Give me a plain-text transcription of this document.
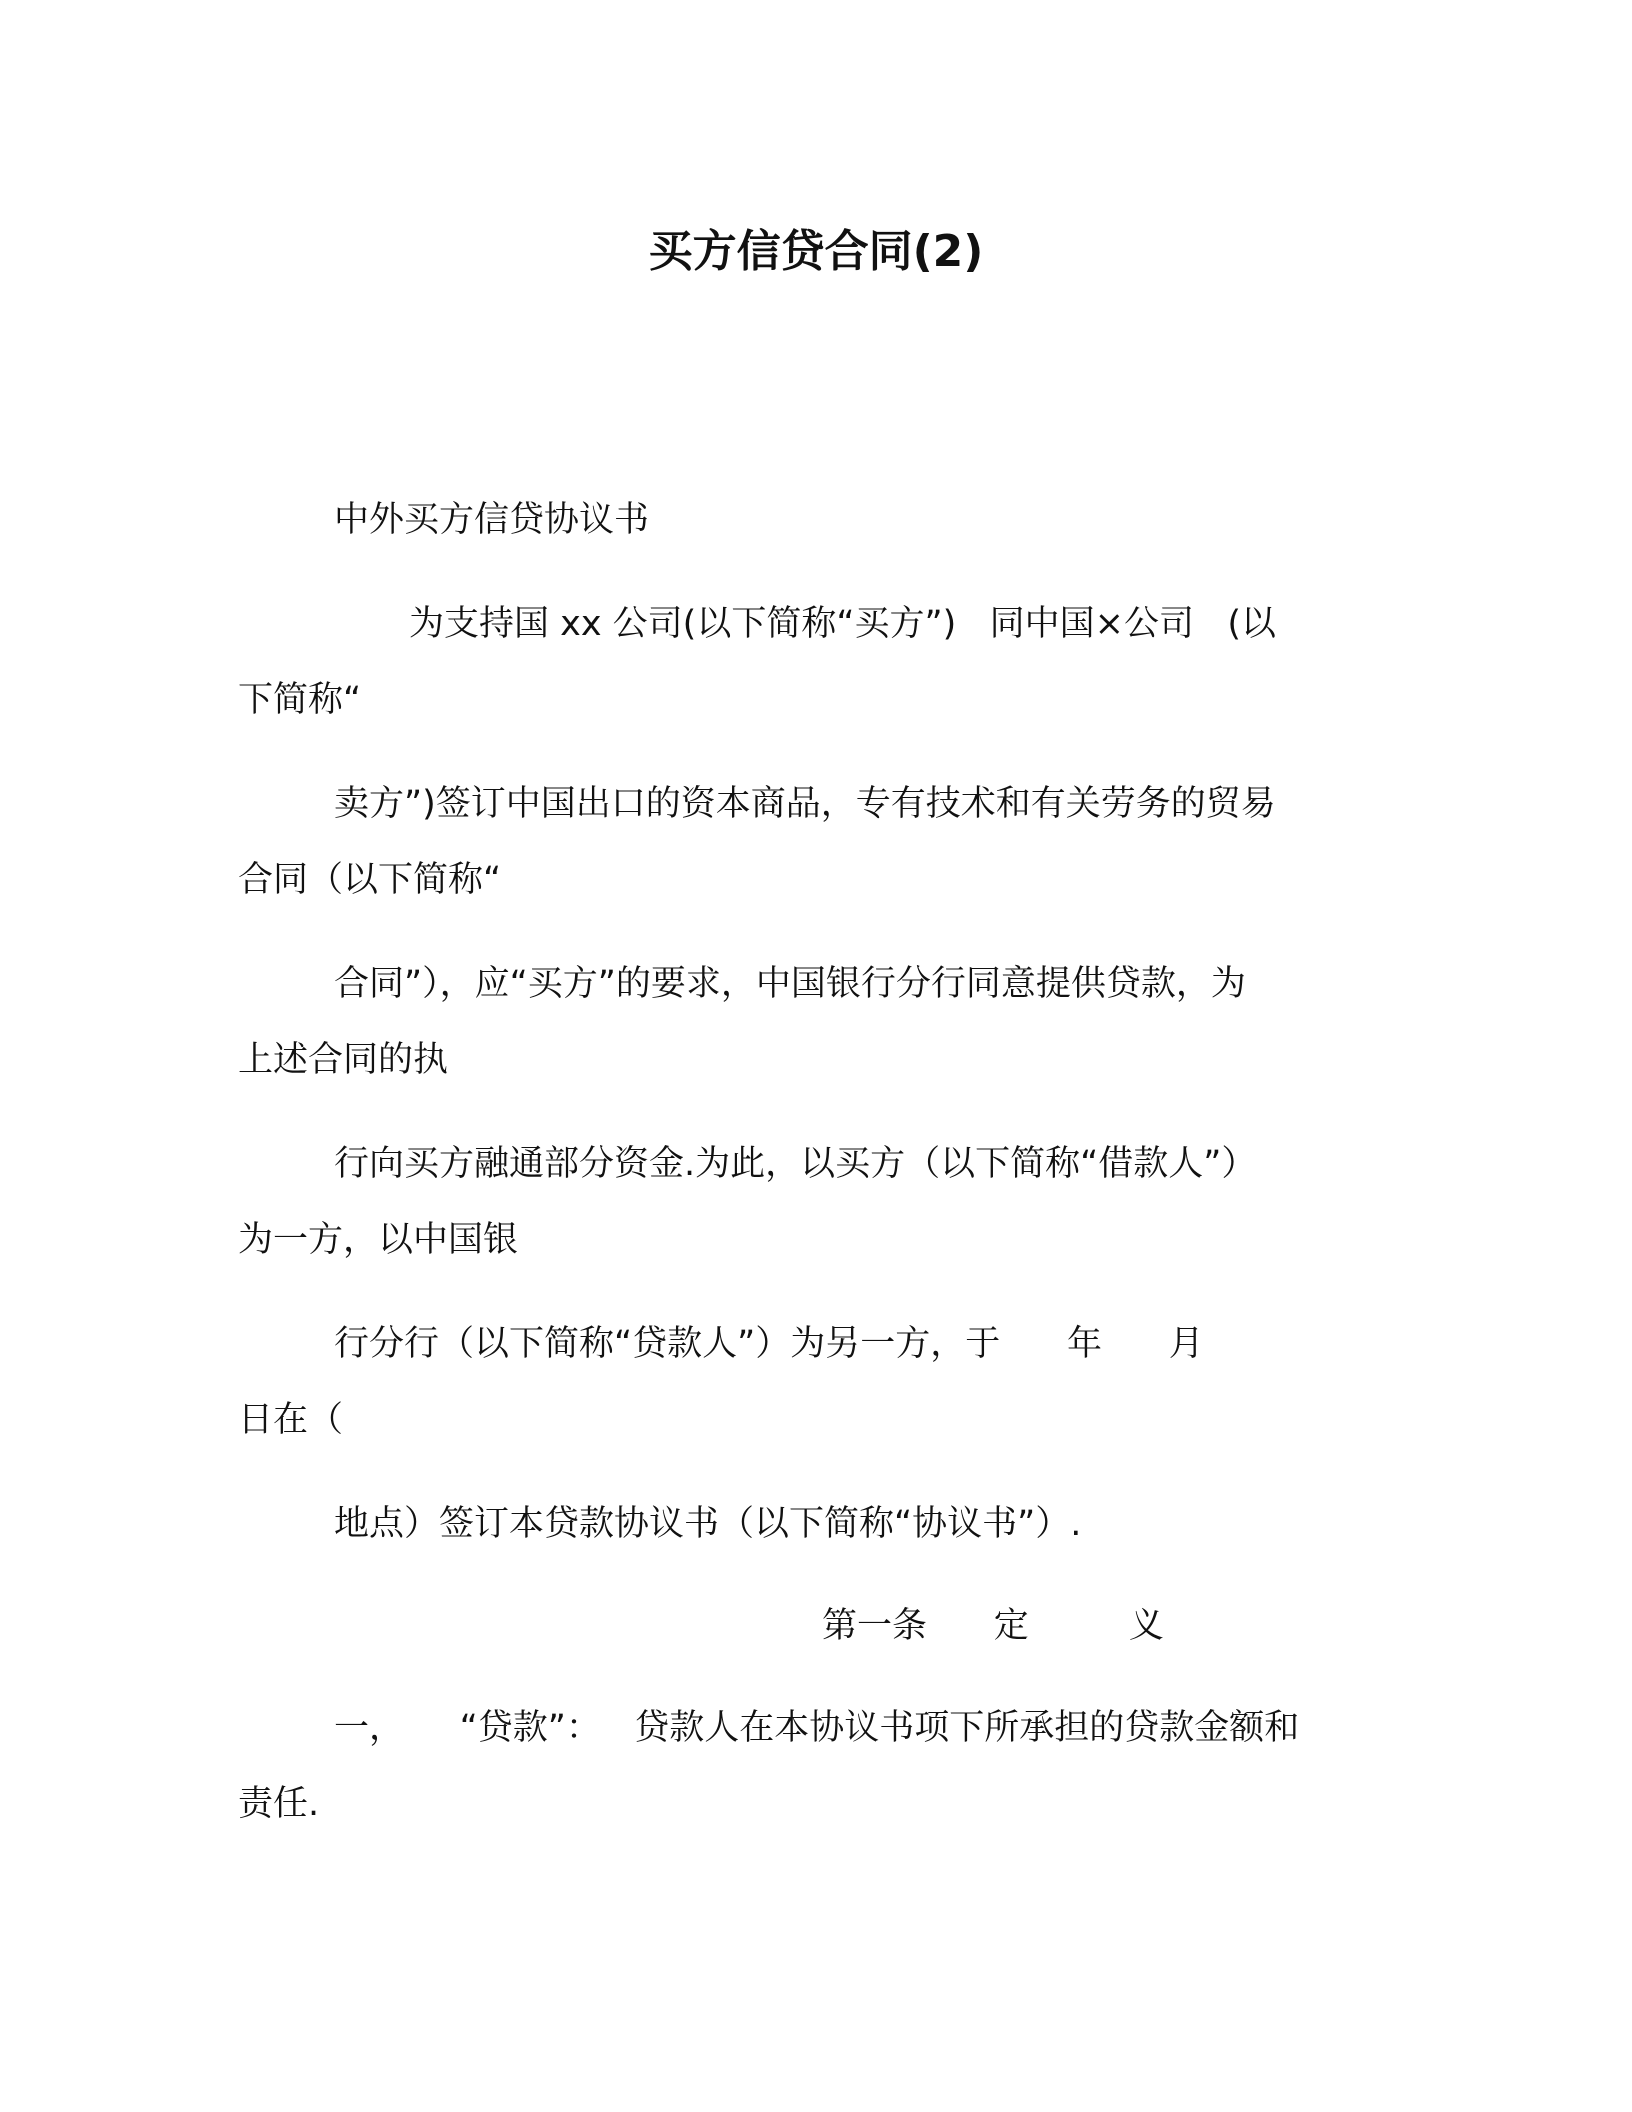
买方信贷合同(2)
中外买方信贷协议书
为支持国 xx 公司(以下简称“买方”)   同中国×公司   (以
下简称“
卖方”)签订中国出口的资本商品，专有技术和有关劳务的贸易
合同（以下简称“
合同”），应“买方”的要求，中国银行分行同意提供贷款，为
上述合同的执
行向买方融通部分资金.为此，以买方（以下简称“借款人”）
为一方，以中国银
行分行（以下简称“贷款人”）为另一方，于      年      月
日在（
地点）签订本贷款协议书（以下简称“协议书”）.
第一条      定         义
一，     “贷款”：   贷款人在本协议书项下所承担的贷款金额和
责任.
